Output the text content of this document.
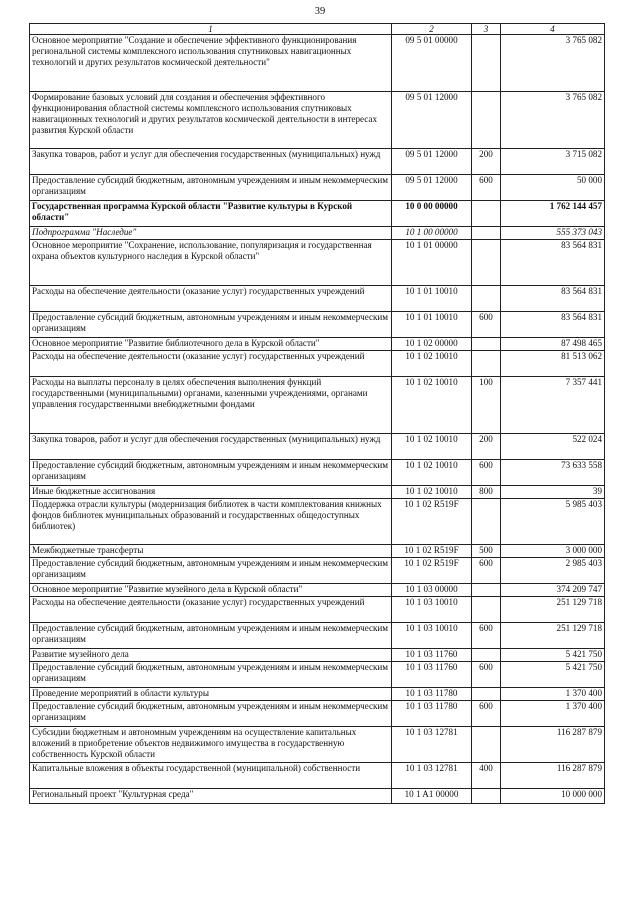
39
1	2	3	4
Основное мероприятие "Создание и обеспечение эффективного функционирования региональной системы комплексного использования спутниковых навигационных технологий и других результатов космической деятельности"	09 5 01 00000		3 765 082
Формирование базовых условий для создания и обеспечения эффективного функционирования областной системы комплексного использования спутниковых навигационных технологий и других результатов космической деятельности в интересах развития Курской области	09 5 01 12000		3 765 082
Закупка товаров, работ и услуг для обеспечения государственных (муниципальных) нужд	09 5 01 12000	200	3 715 082
Предоставление субсидий бюджетным, автономным учреждениям и иным некоммерческим организациям	09 5 01 12000	600	50 000
Государственная программа Курской области "Развитие культуры в Курской области"	10 0 00 00000		1 762 144 457
Подпрограмма "Наследие"	10 1 00 00000		555 373 043
Основное мероприятие "Сохранение, использование, популяризация и государственная охрана объектов культурного наследия в Курской области"	10 1 01 00000		83 564 831
Расходы на обеспечение деятельности (оказание услуг) государственных учреждений	10 1 01 10010		83 564 831
Предоставление субсидий бюджетным, автономным учреждениям и иным некоммерческим организациям	10 1 01 10010	600	83 564 831
Основное мероприятие "Развитие библиотечного дела в Курской области"	10 1 02 00000		87 498 465
Расходы на обеспечение деятельности (оказание услуг) государственных учреждений	10 1 02 10010		81 513 062
Расходы на выплаты персоналу в целях обеспечения выполнения функций государственными (муниципальными) органами, казенными учреждениями, органами управления государственными внебюджетными фондами	10 1 02 10010	100	7 357 441
Закупка товаров, работ и услуг для обеспечения государственных (муниципальных) нужд	10 1 02 10010	200	522 024
Предоставление субсидий бюджетным, автономным учреждениям и иным некоммерческим организациям	10 1 02 10010	600	73 633 558
Иные бюджетные ассигнования	10 1 02 10010	800	39
Поддержка отрасли культуры (модернизация библиотек в части комплектования книжных фондов библиотек муниципальных образований и государственных общедоступных библиотек)	10 1 02 R519F		5 985 403
Межбюджетные трансферты	10 1 02 R519F	500	3 000 000
Предоставление субсидий бюджетным, автономным учреждениям и иным некоммерческим организациям	10 1 02 R519F	600	2 985 403
Основное мероприятие "Развитие музейного дела в Курской области"	10 1 03 00000		374 209 747
Расходы на обеспечение деятельности (оказание услуг) государственных учреждений	10 1 03 10010		251 129 718
Предоставление субсидий бюджетным, автономным учреждениям и иным некоммерческим организациям	10 1 03 10010	600	251 129 718
Развитие музейного дела	10 1 03 11760		5 421 750
Предоставление субсидий бюджетным, автономным учреждениям и иным некоммерческим организациям	10 1 03 11760	600	5 421 750
Проведение мероприятий в области культуры	10 1 03 11780		1 370 400
Предоставление субсидий бюджетным, автономным учреждениям и иным некоммерческим организациям	10 1 03 11780	600	1 370 400
Субсидии бюджетным и автономным учреждениям на осуществление капитальных вложений в приобретение объектов недвижимого имущества в государственную собственность Курской области	10 1 03 12781		116 287 879
Капитальные вложения в объекты государственной (муниципальной) собственности	10 1 03 12781	400	116 287 879
Региональный проект "Культурная среда"	10 1 A1 00000		10 000 000
